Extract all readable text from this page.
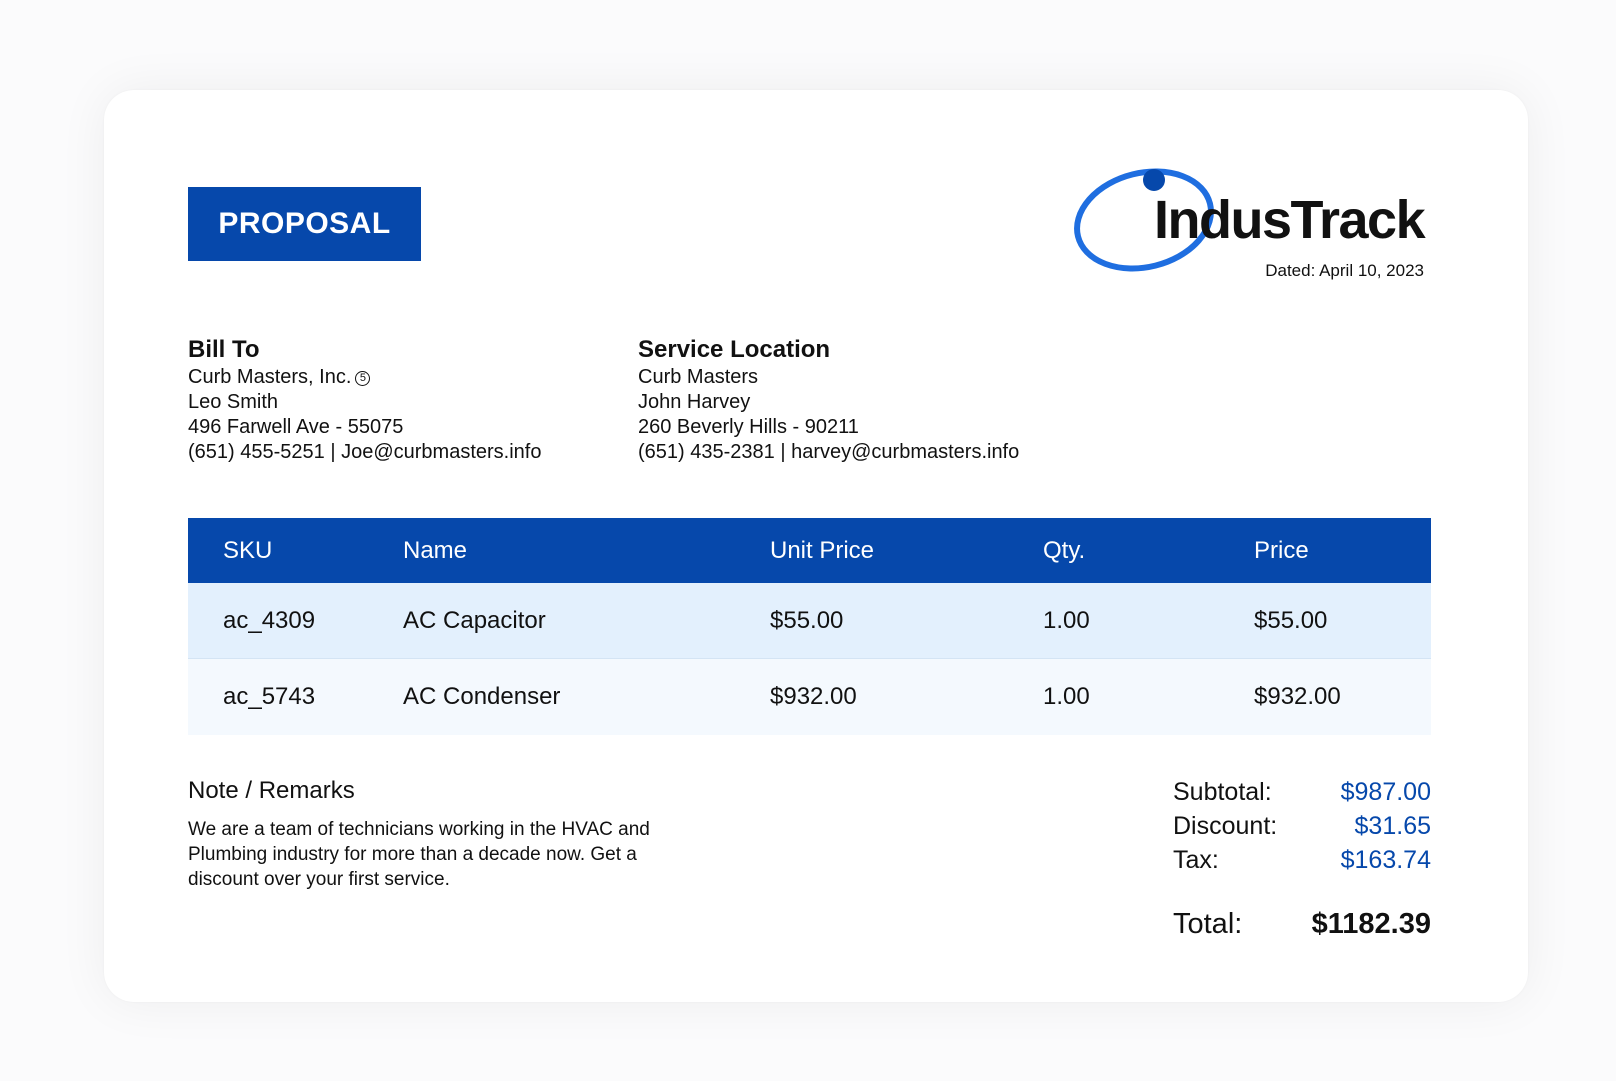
PROPOSAL	IndusTrack
Dated: April 10, 2023
Bill To
Curb Masters, Inc. 5
Leo Smith
496 Farwell Ave - 55075
(651) 455-5251 | Joe@curbmasters.info
Service Location
Curb Masters
John Harvey
260 Beverly Hills - 90211
(651) 435-2381 | harvey@curbmasters.info
SKU	Name	Unit Price	Qty.	Price
ac_4309	AC Capacitor	$55.00	1.00	$55.00
ac_5743	AC Condenser	$932.00	1.00	$932.00
Note / Remarks

We are a team of technicians working in the HVAC and Plumbing industry for more than a decade now. Get a discount over your first service.

Subtotal:	$987.00
Discount:	$31.65
Tax:	$163.74
Total: $1182.39
